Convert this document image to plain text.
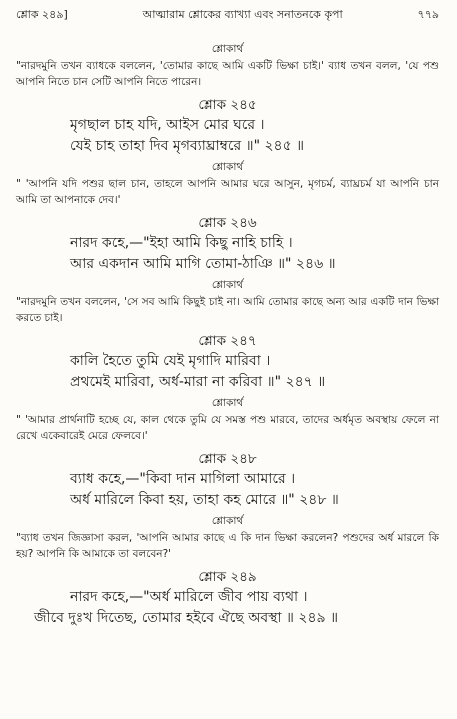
শ্লোক ২৪৯]	আত্মারাম শ্লোকের ব্যাখ্যা এবং সনাতনকে কৃপা	৭৭৯
শ্লোকার্থ

"নারদমুনি তখন ব্যাধকে বললেন, 'তোমার কাছে আমি একটি ভিক্ষা চাই।' ব্যাধ তখন বলল, 'যে পশু আপনি নিতে চান সেটি আপনি নিতে পারেন।

শ্লোক ২৪৫
মৃগছাল চাহ যদি, আইস মোর ঘরে ।
যেই চাহ তাহা দিব মৃগব্যাঘ্রাম্বরে ॥" ২৪৫ ॥
শ্লোকার্থ

" 'আপনি যদি পশুর ছাল চান, তাহলে আপনি আমার ঘরে আসুন, মৃগচর্ম, ব্যাঘ্রচর্ম যা আপনি চান আমি তা আপনাকে দেব।'

শ্লোক ২৪৬
নারদ কহে,—"ইহা আমি কিছু নাহি চাহি ।
আর একদান আমি মাগি তোমা-ঠাঞি ॥" ২৪৬ ॥
শ্লোকার্থ

"নারদমুনি তখন বললেন, 'সে সব আমি কিছুই চাই না। আমি তোমার কাছে অন্য আর একটি দান ভিক্ষা করতে চাই।

শ্লোক ২৪৭
কালি হৈতে তুমি যেই মৃগাদি মারিবা ।
প্রথমেই মারিবা, অর্ধ-মারা না করিবা ॥" ২৪৭ ॥
শ্লোকার্থ

" 'আমার প্রার্থনাটি হচ্ছে যে, কাল থেকে তুমি যে সমস্ত পশু মারবে, তাদের অর্ধমৃত অবস্থায় ফেলে না রেখে একেবারেই মেরে ফেলবে।'

শ্লোক ২৪৮
ব্যাধ কহে,—"কিবা দান মাগিলা আমারে ।
অর্ধ মারিলে কিবা হয়, তাহা কহ মোরে ॥" ২৪৮ ॥
শ্লোকার্থ

"ব্যাধ তখন জিজ্ঞাসা করল, 'আপনি আমার কাছে এ কি দান ভিক্ষা করলেন? পশুদের অর্ধ মারলে কি হয়? আপনি কি আমাকে তা বলবেন?'

শ্লোক ২৪৯
নারদ কহে,—"অর্ধ মারিলে জীব পায় ব্যথা ।
জীবে দুঃখ দিতেছ, তোমার হইবে ঐছে অবস্থা ॥ ২৪৯ ॥
